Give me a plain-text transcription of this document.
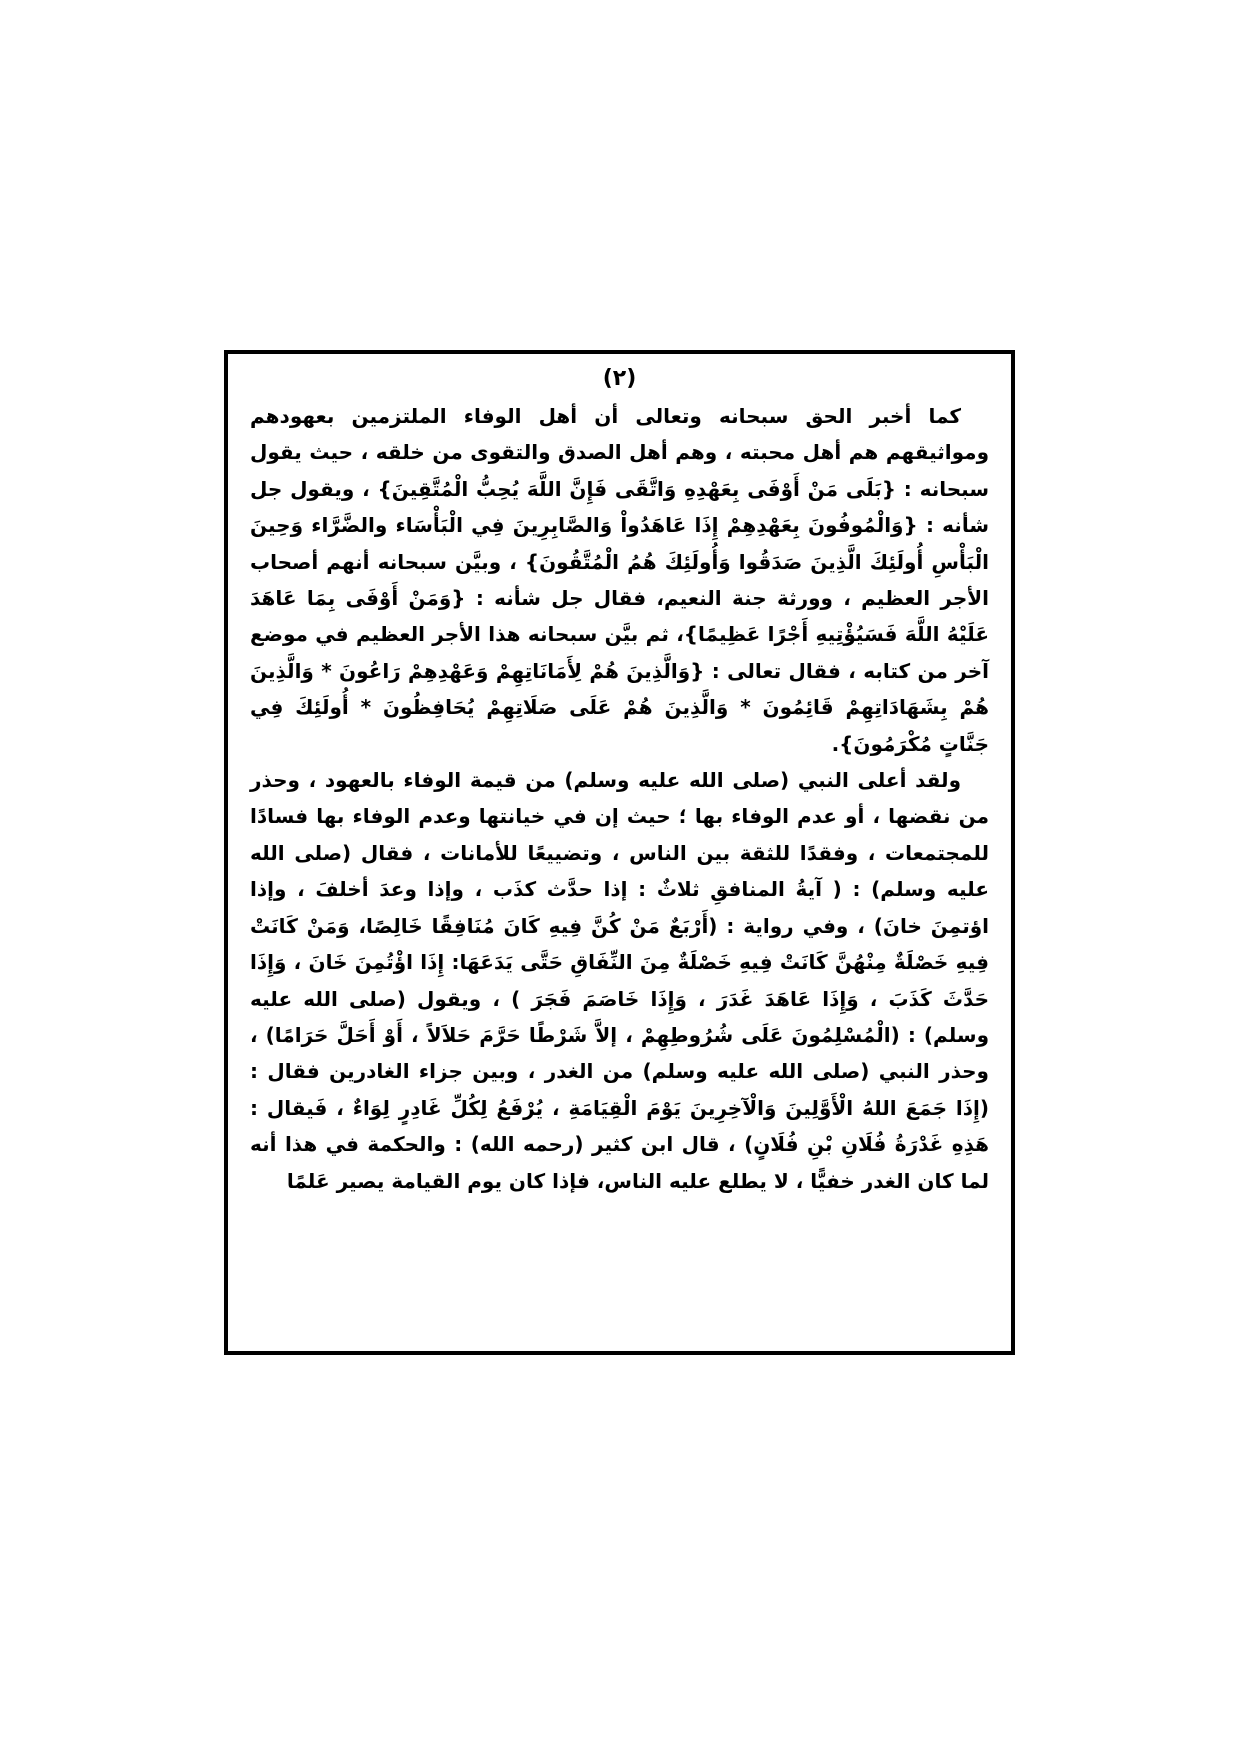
(٢)

كما أخبر الحق سبحانه وتعالى أن أهل الوفاء الملتزمين بعهودهم ومواثيقهم هم أهل محبته ، وهم أهل الصدق والتقوى من خلقه ، حيث يقول سبحانه : {بَلَى مَنْ أَوْفَى بِعَهْدِهِ وَاتَّقَى فَإِنَّ اللَّهَ يُحِبُّ الْمُتَّقِينَ} ، ويقول جل شأنه : {وَالْمُوفُونَ بِعَهْدِهِمْ إِذَا عَاهَدُواْ وَالصَّابِرِينَ فِي الْبَأْسَاء والضَّرَّاء وَحِينَ الْبَأْسِ أُولَئِكَ الَّذِينَ صَدَقُوا وَأُولَئِكَ هُمُ الْمُتَّقُونَ} ، وبيَّن سبحانه أنهم أصحاب الأجر العظيم ، وورثة جنة النعيم، فقال جل شأنه : {وَمَنْ أَوْفَى بِمَا عَاهَدَ عَلَيْهُ اللَّهَ فَسَيُؤْتِيهِ أَجْرًا عَظِيمًا}، ثم بيَّن سبحانه هذا الأجر العظيم في موضع آخر من كتابه ، فقال تعالى : {وَالَّذِينَ هُمْ لِأَمَانَاتِهِمْ وَعَهْدِهِمْ رَاعُونَ * وَالَّذِينَ هُمْ بِشَهَادَاتِهِمْ قَائِمُونَ * وَالَّذِينَ هُمْ عَلَى صَلَاتِهِمْ يُحَافِظُونَ * أُولَئِكَ فِي جَنَّاتٍ مُكْرَمُونَ}.

ولقد أعلى النبي (صلى الله عليه وسلم) من قيمة الوفاء بالعهود ، وحذر من نقضها ، أو عدم الوفاء بها ؛ حيث إن في خيانتها وعدم الوفاء بها فسادًا للمجتمعات ، وفقدًا للثقة بين الناس ، وتضييعًا للأمانات ، فقال (صلى الله عليه وسلم) : ( آيةُ المنافقِ ثلاثٌ : إذا حدَّث كذَب ، وإذا وعدَ أخلفَ ، وإذا اؤتمِنَ خانَ) ، وفي رواية : (أَرْبَعٌ مَنْ كُنَّ فِيهِ كَانَ مُنَافِقًا خَالِصًا، وَمَنْ كَانَتْ فِيهِ خَصْلَةٌ مِنْهُنَّ كَانَتْ فِيهِ خَصْلَةٌ مِنَ النِّفَاقِ حَتَّى يَدَعَهَا: إِذَا اؤْتُمِنَ خَانَ ، وَإِذَا حَدَّثَ كَذَبَ ، وَإِذَا عَاهَدَ غَدَرَ ، وَإِذَا خَاصَمَ فَجَرَ ) ، ويقول (صلى الله عليه وسلم) : (الْمُسْلِمُونَ عَلَى شُرُوطِهِمْ ، إلاَّ شَرْطًا حَرَّمَ حَلاَلاً ، أَوْ أَحَلَّ حَرَامًا) ، وحذر النبي (صلى الله عليه وسلم) من الغدر ، وبين جزاء الغادرين فقال : (إِذَا جَمَعَ اللهُ الْأَوَّلِينَ وَالْآخِرِينَ يَوْمَ الْقِيَامَةِ ، يُرْفَعُ لِكُلِّ غَادِرٍ لِوَاءٌ ، فَيقال : هَذِهِ غَدْرَةُ فُلَانِ بْنِ فُلَانٍ) ، قال ابن كثير (رحمه الله) : والحكمة في هذا أنه لما كان الغدر خفيًّا ، لا يطلع عليه الناس، فإذا كان يوم القيامة يصير عَلمًا
